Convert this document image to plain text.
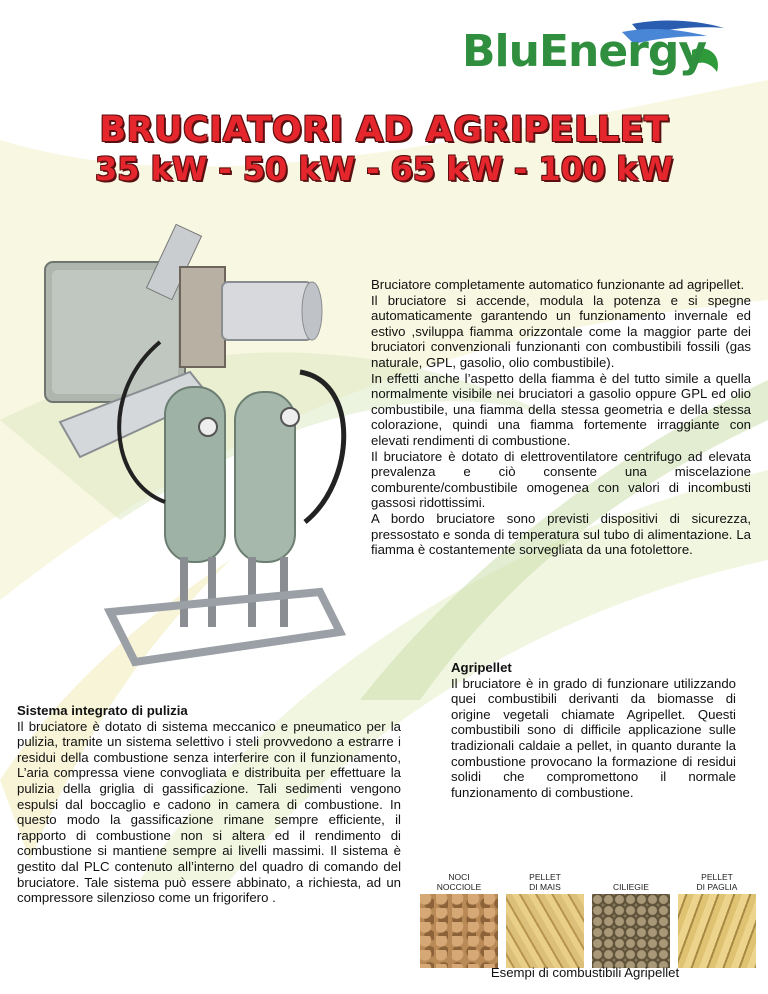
BluEnergy
BRUCIATORI AD AGRIPELLET
35 kW - 50 kW - 65 kW - 100 kW

Bruciatore completamente automatico funzionante ad agripellet.

Il bruciatore si accende, modula la potenza e si spegne automaticamente garantendo un funzionamento invernale ed estivo ,sviluppa fiamma orizzontale come la maggior parte dei bruciatori convenzionali funzionanti con combustibili fossili (gas naturale, GPL, gasolio, olio combustibile).

In effetti anche l’aspetto della fiamma è del tutto simile a quella normalmente visibile nei bruciatori a gasolio oppure GPL ed olio combustibile, una fiamma della stessa geometria e della stessa colorazione, quindi una fiamma fortemente irraggiante con elevati rendimenti di combustione.

Il bruciatore è dotato di elettroventilatore centrifugo ad elevata prevalenza e ciò consente una miscelazione comburente/combustibile omogenea con valori di incombusti gassosi ridottissimi.

A bordo bruciatore sono previsti dispositivi di sicurezza, pressostato e sonda di temperatura sul tubo di alimentazione. La fiamma è costantemente sorvegliata da una fotolettore.

Sistema integrato di pulizia

Il bruciatore è dotato di sistema meccanico e pneumatico per la pulizia, tramite un sistema selettivo i steli provvedono a estrarre i residui della combustione senza interferire con il funzionamento, L’aria compressa viene convogliata e distribuita per effettuare la pulizia della griglia di gassificazione. Tali sedimenti vengono espulsi dal boccaglio e cadono in camera di combustione. In questo modo la gassificazione rimane sempre efficiente, il rapporto di combustione non si altera ed il rendimento di combustione si mantiene sempre ai livelli massimi. Il sistema è gestito dal PLC contenuto all’interno del quadro di comando del bruciatore. Tale sistema può essere abbinato, a richiesta, ad un compressore silenzioso come un frigorifero .

Agripellet

Il bruciatore è in grado di funzionare utilizzando quei combustibili derivanti da biomasse di origine vegetali chiamate Agripellet. Questi combustibili sono di difficile applicazione sulle tradizionali caldaie a pellet, in quanto durante la combustione provocano la formazione di residui solidi che compromettono il normale funzionamento di combustione.

NOCI
NOCCIOLE
PELLET
DI MAIS	CILIEGIE
PELLET
DI PAGLIA
Esempi di combustibili Agripellet
